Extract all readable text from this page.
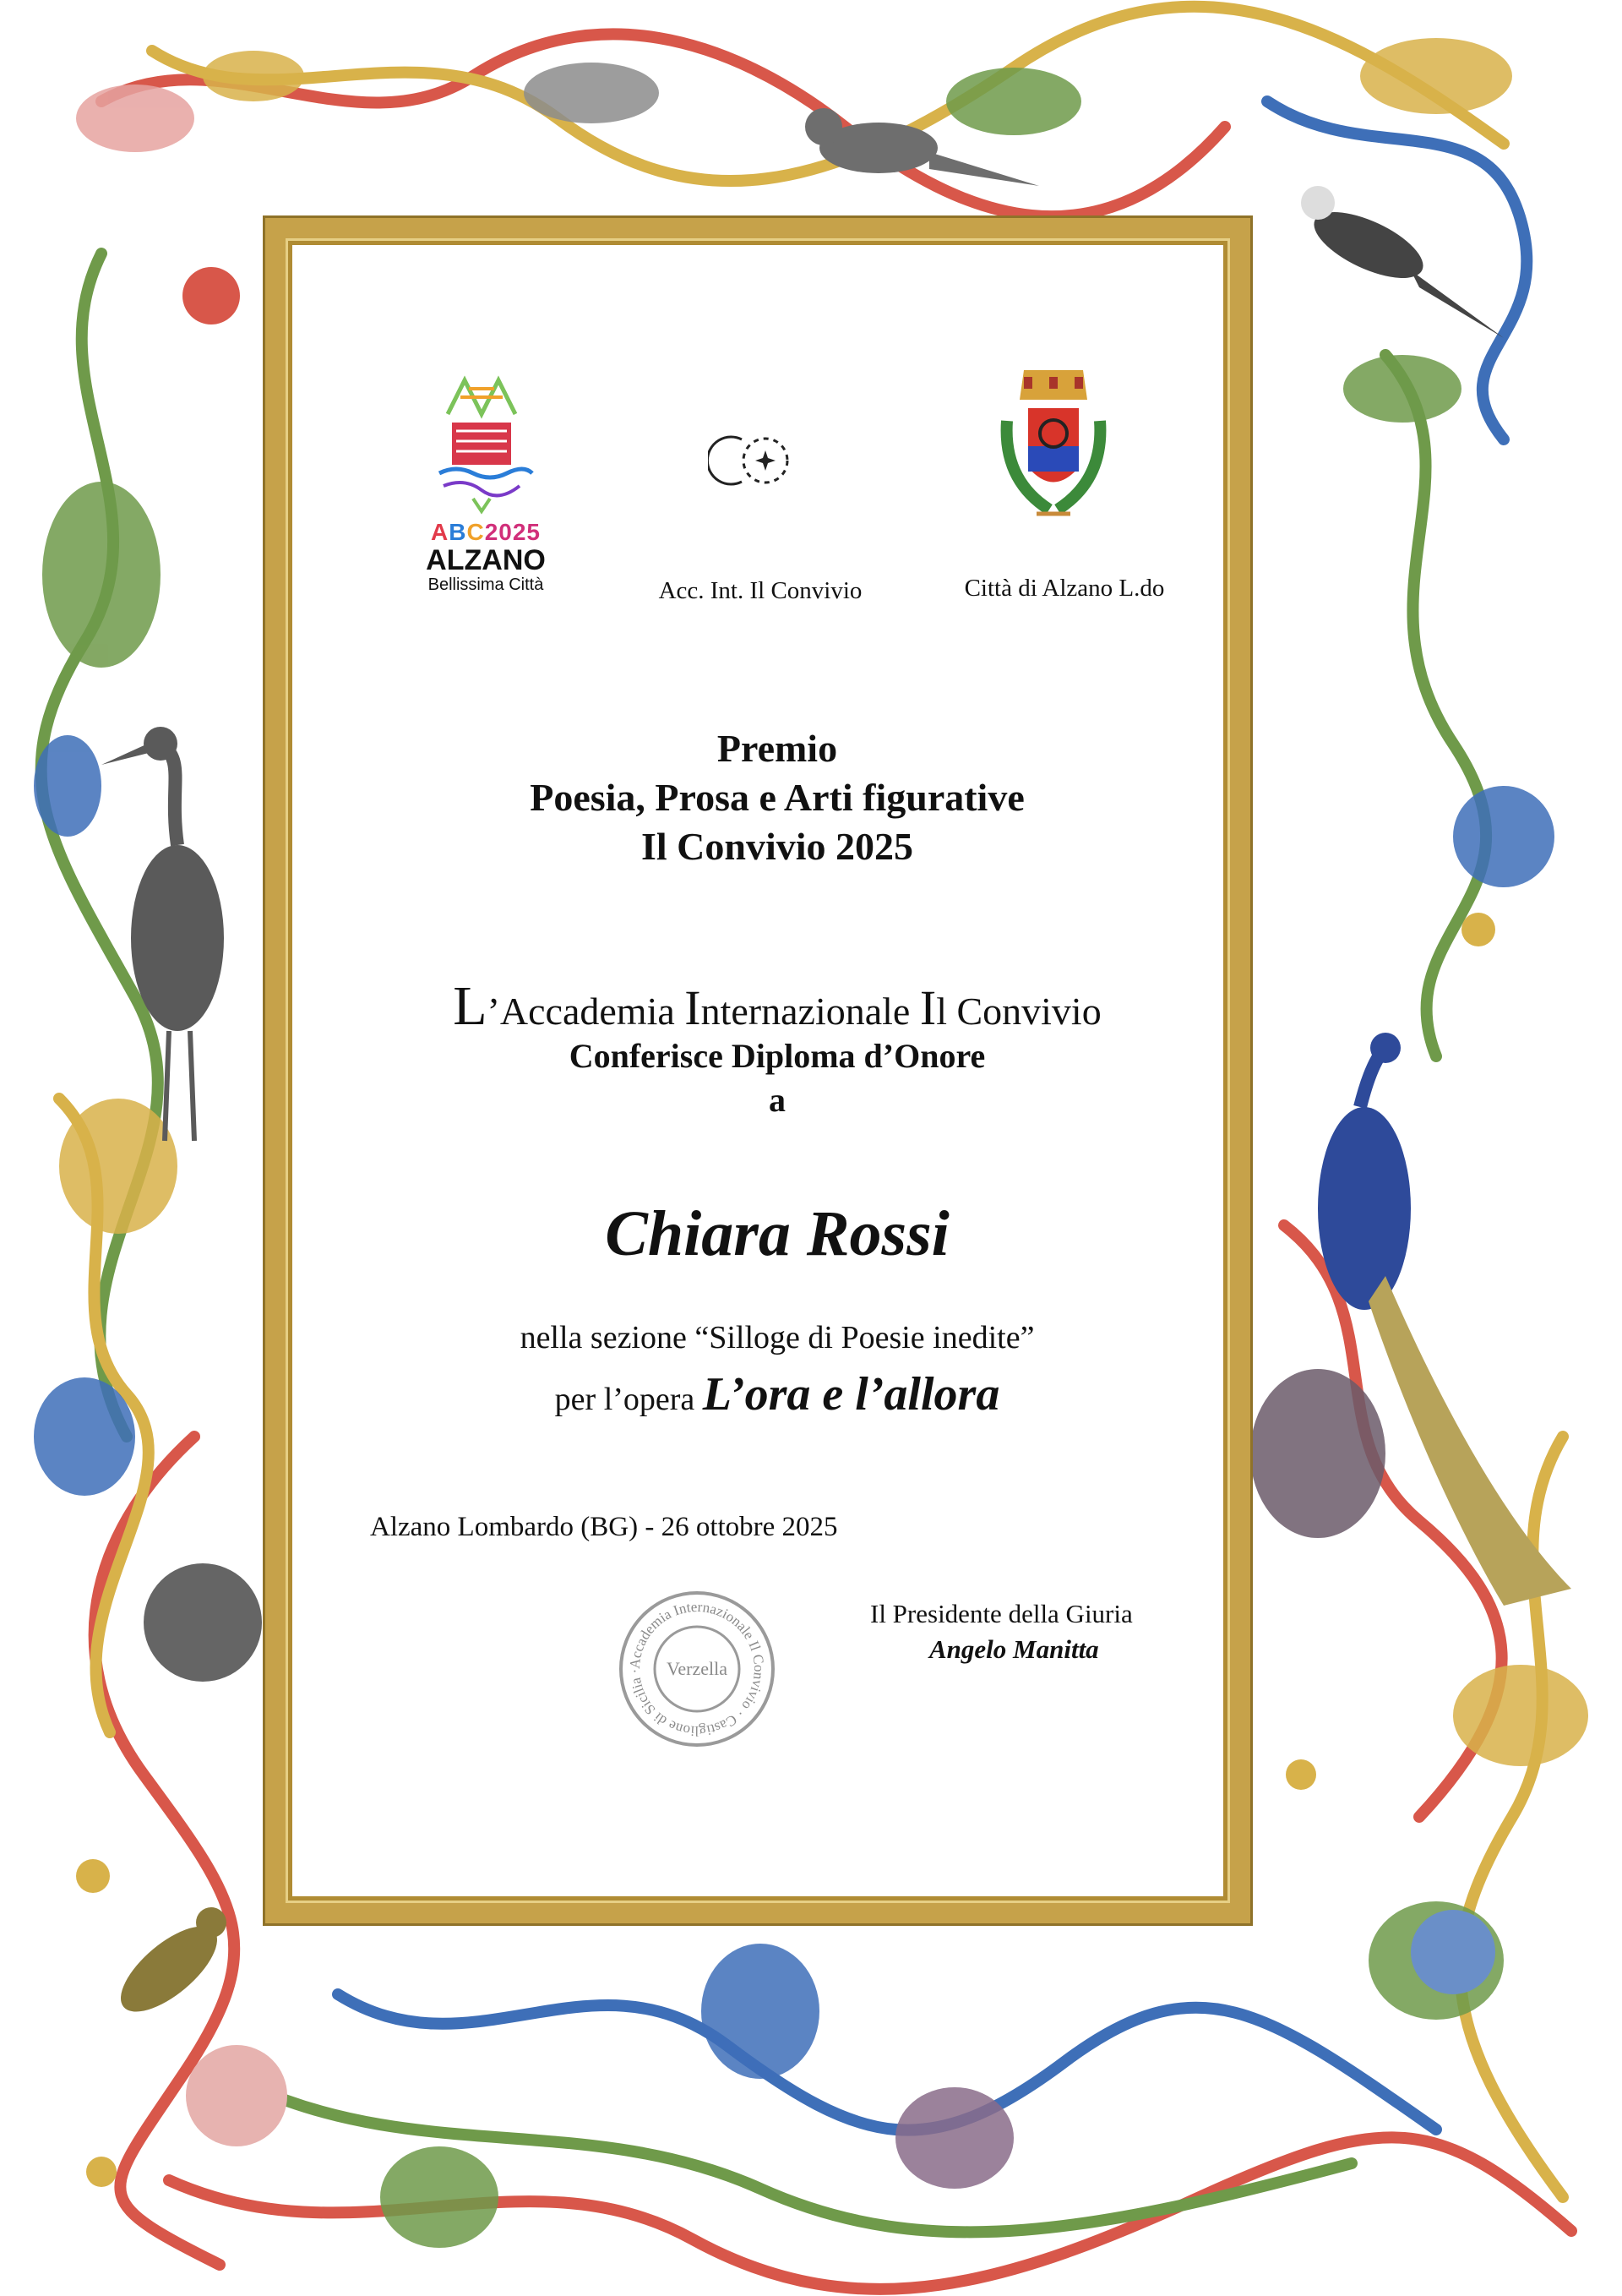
ABC2025
ALZANO
Bellissima Città	Acc. Int. Il Convivio	Città di Alzano L.do
Premio
Poesia, Prosa e Arti figurative
Il Convivio 2025
L’Accademia Internazionale Il Convivio
Conferisce Diploma d’Onore
a
Chiara Rossi
nella sezione “Silloge di Poesie inedite”
per l’opera L’ora e l’allora
Alzano Lombardo (BG) - 26 ottobre 2025
Accademia Internazionale Il Convivio · Castiglione di Sicilia ·	Verzella
Il Presidente della Giuria
Angelo Manitta
